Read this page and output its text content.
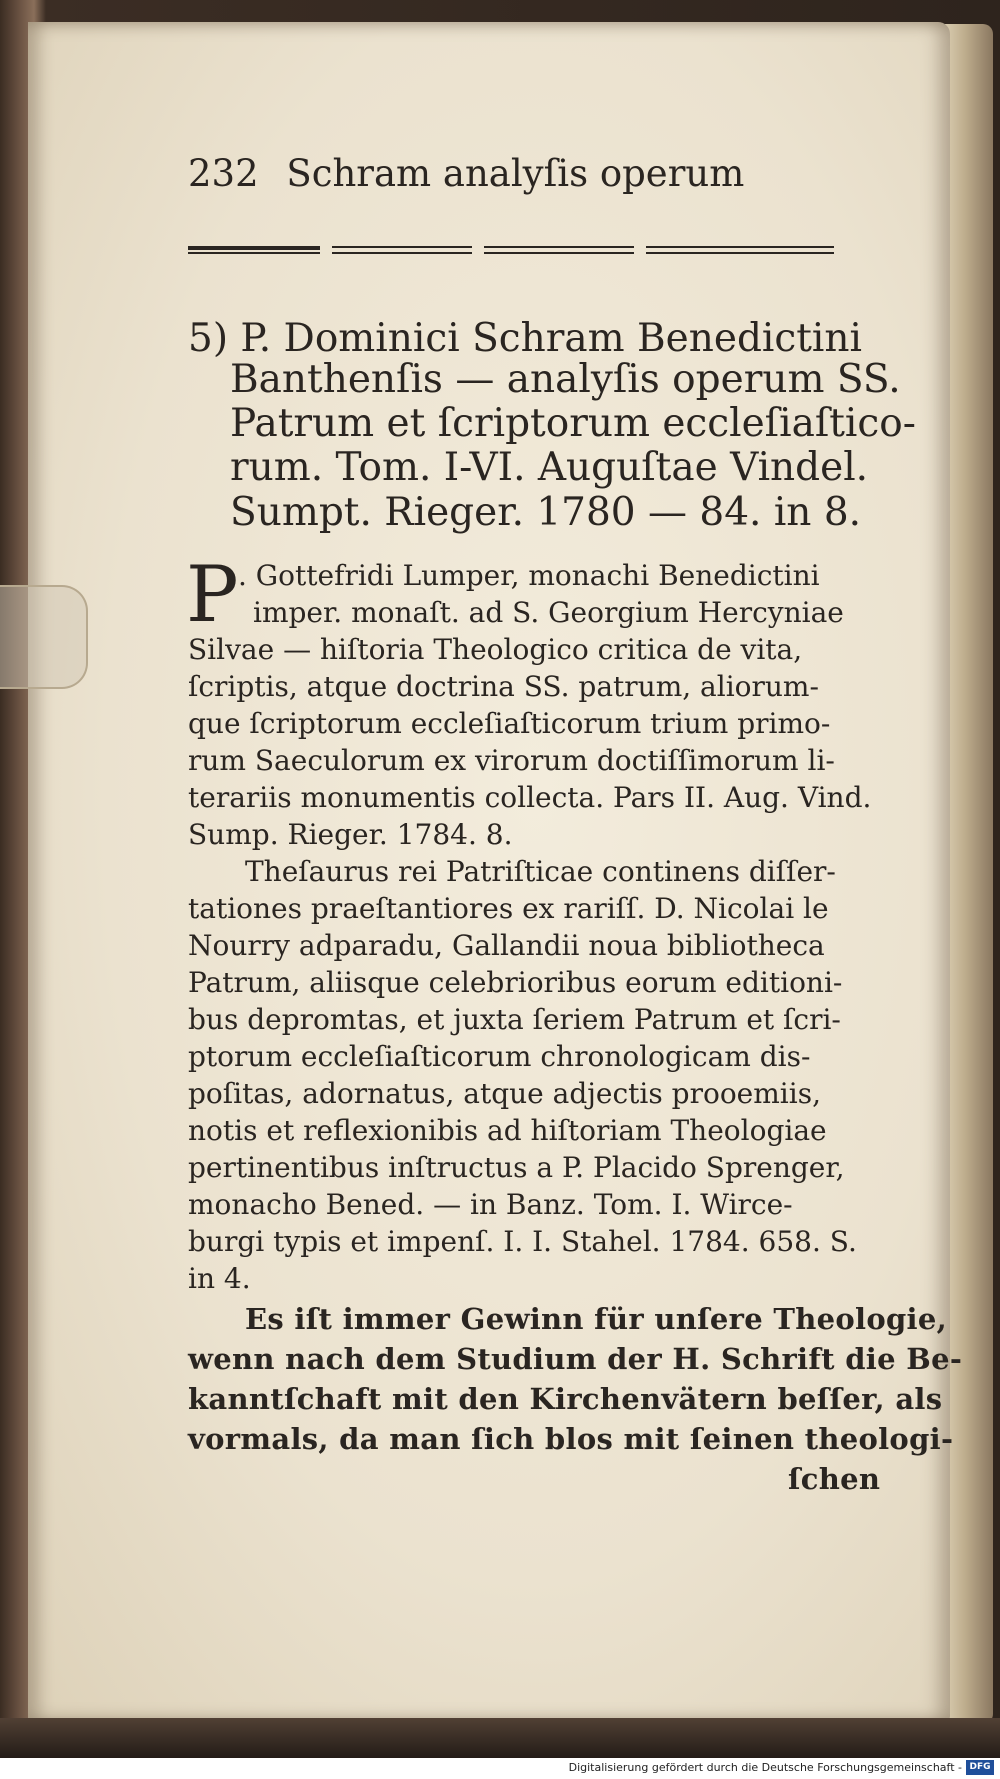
232 Schram analyſis operum
5) P. Dominici Schram Benedictini
Banthenſis — analyſis operum SS.
Patrum et ſcriptorum eccleſiaſtico-
rum. Tom. I-VI. Auguſtae Vindel.
Sumpt. Rieger. 1780 — 84. in 8.
P . Gottefridi Lumper, monachi Benedictini
imper. monaſt. ad S. Georgium Hercyniae
Silvae — hiſtoria Theologico critica de vita,
ſcriptis, atque doctrina SS. patrum, aliorum-
que ſcriptorum eccleſiaſticorum trium primo-
rum Saeculorum ex virorum doctiſſimorum li-
terariis monumentis collecta. Pars II. Aug. Vind.
Sump. Rieger. 1784. 8.
Theſaurus rei Patriſticae continens diſſer-
tationes praeſtantiores ex rariſſ. D. Nicolai le
Nourry adparadu, Gallandii noua bibliotheca
Patrum, aliisque celebrioribus eorum editioni-
bus depromtas, et juxta ſeriem Patrum et ſcri-
ptorum eccleſiaſticorum chronologicam dis-
poſitas, adornatus, atque adjectis prooemiis,
notis et reflexionibis ad hiſtoriam Theologiae
pertinentibus inſtructus a P. Placido Sprenger,
monacho Bened. — in Banz. Tom. I. Wirce-
burgi typis et impenſ. I. I. Stahel. 1784. 658. S.
in 4.
Es iſt immer Gewinn für unſere Theologie,
wenn nach dem Studium der H. Schrift die Be-
kanntſchaft mit den Kirchenvätern beſſer, als
vormals, da man ſich blos mit ſeinen theologi-
ſchen
Digitalisierung gefördert durch die Deutsche Forschungsgemeinschaft - DFG
